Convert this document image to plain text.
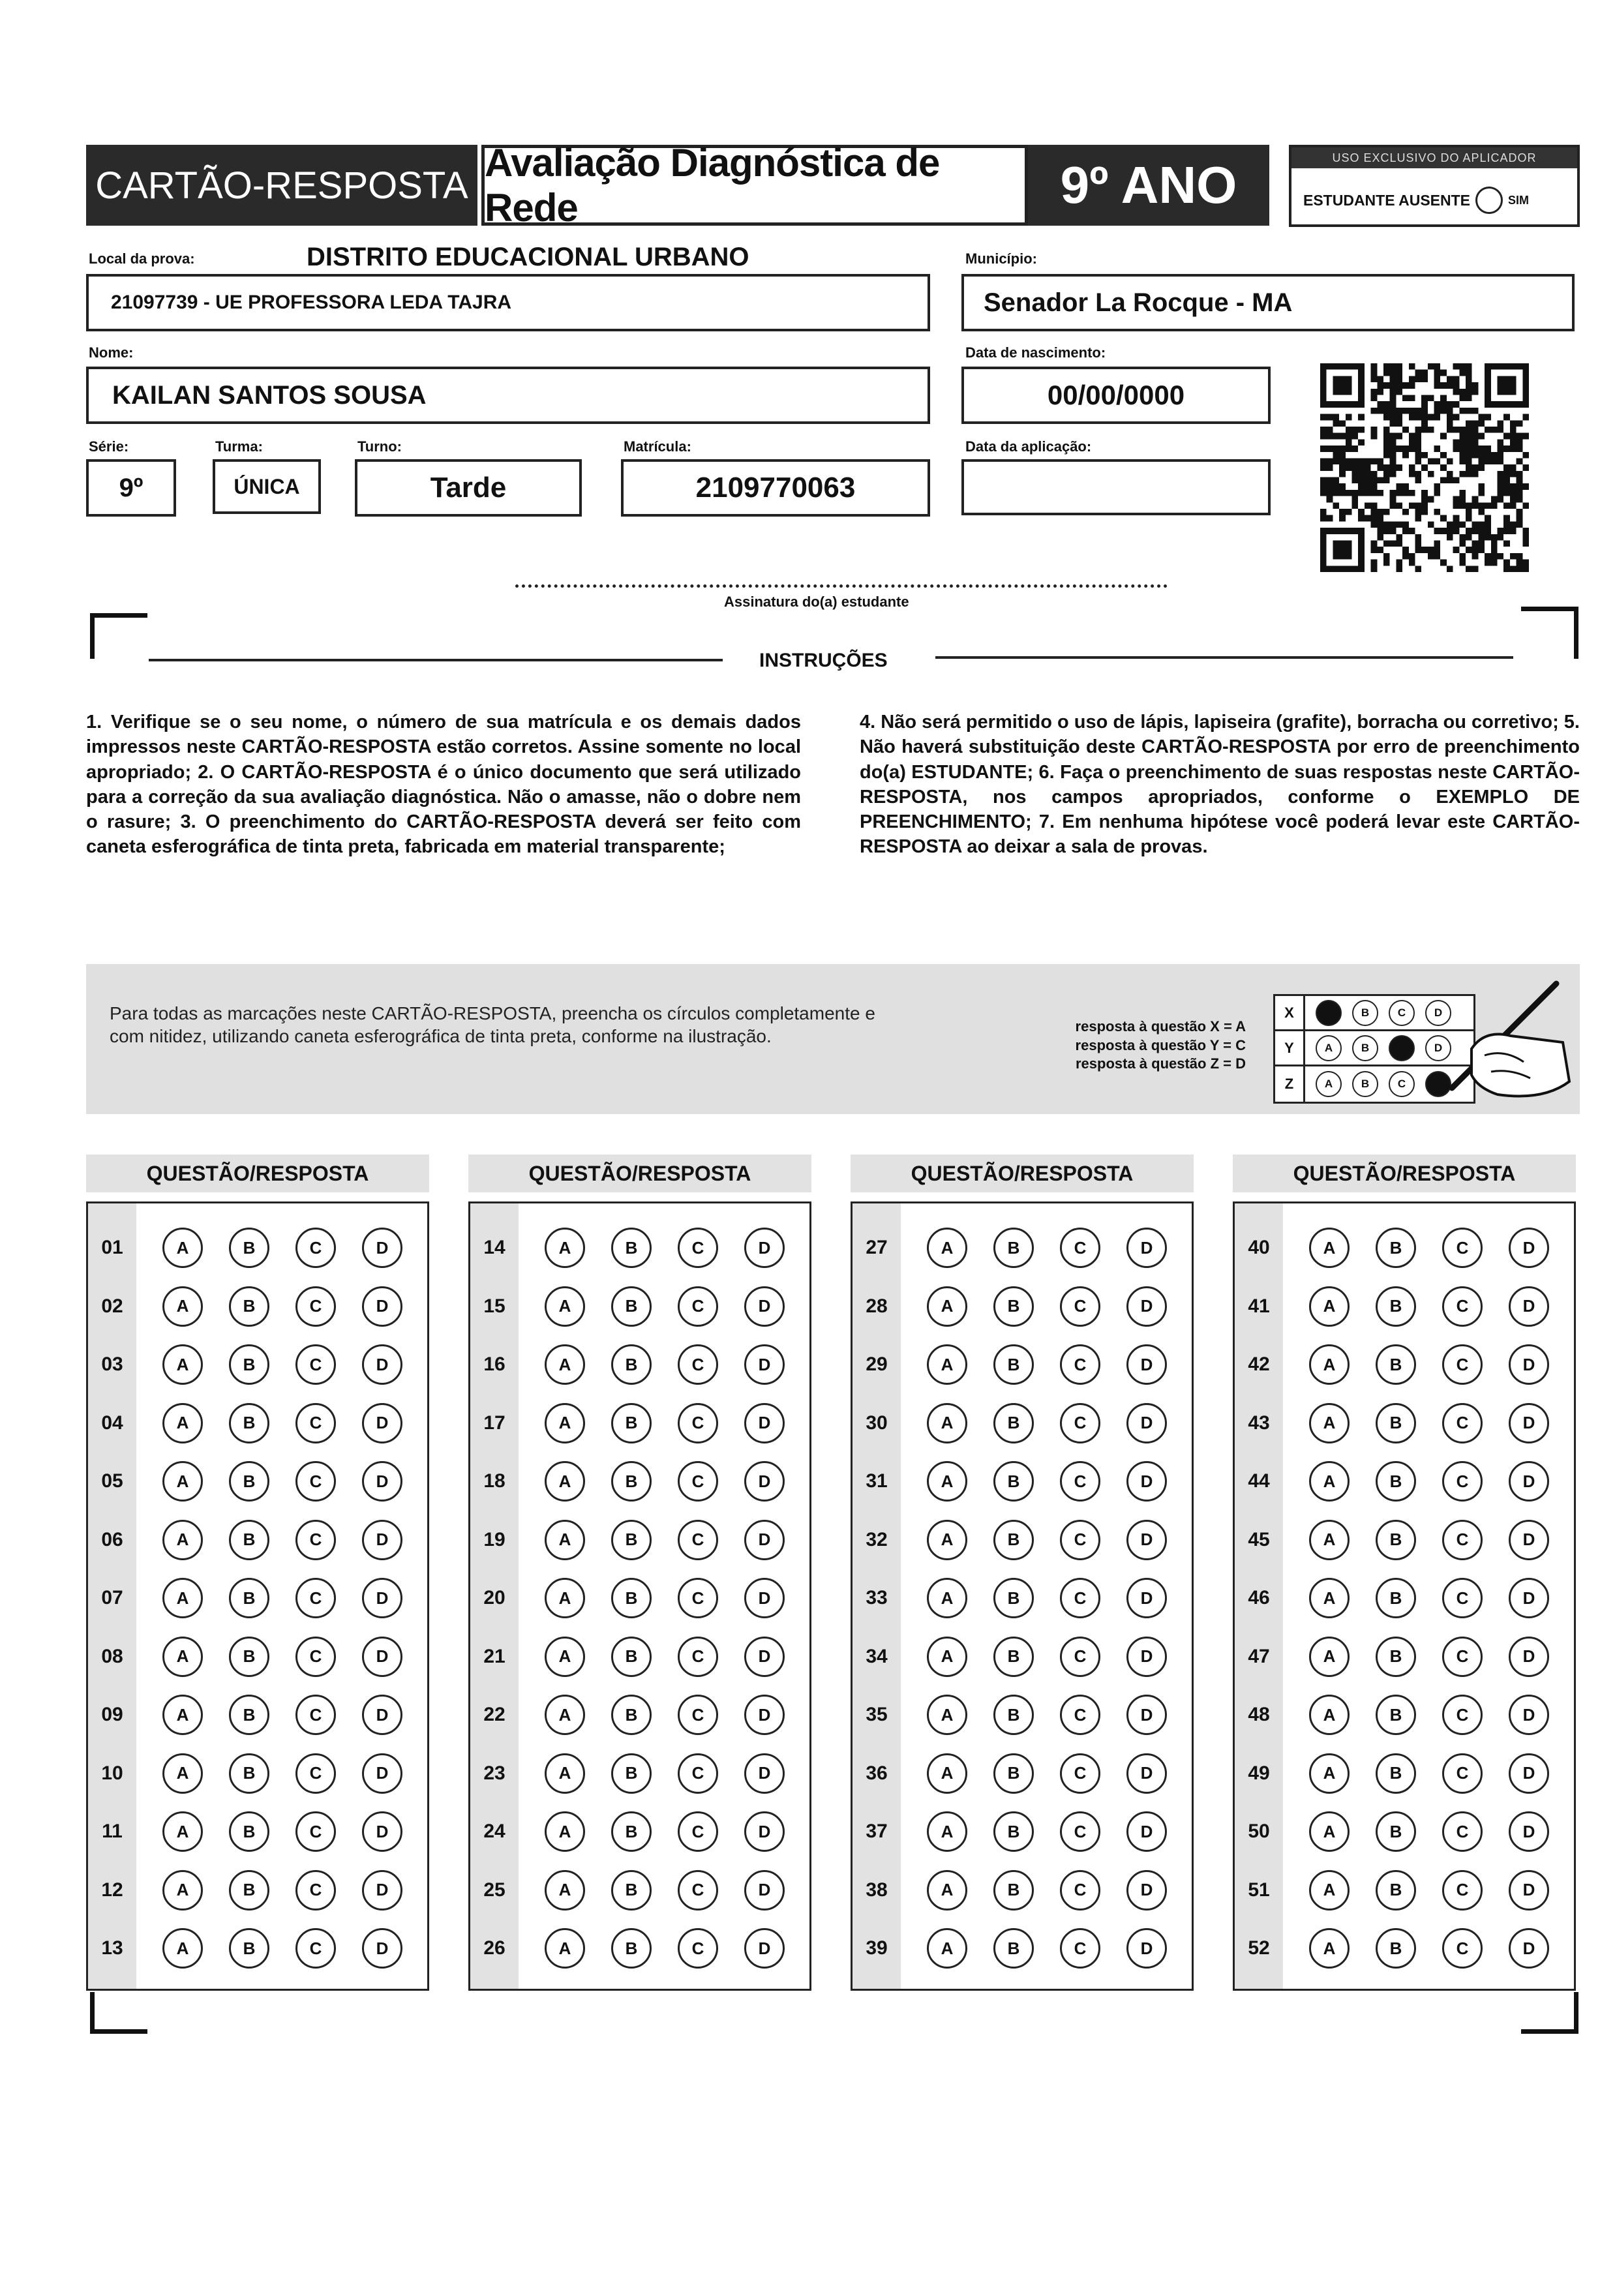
CARTÃO-RESPOSTA
Avaliação Diagnóstica de Rede	9º ANO	USO EXCLUSIVO DO APLICADOR
ESTUDANTE AUSENTE	SIM
Local da prova:	DISTRITO EDUCACIONAL URBANO
21097739 - UE PROFESSORA LEDA TAJRA
Município:
Senador La Rocque - MA
Nome:
KAILAN SANTOS SOUSA
Data de nascimento:
00/00/0000
Série:
9º
Turma:
ÚNICA
Turno:
Tarde
Matrícula:
2109770063
Data da aplicação:
Assinatura do(a) estudante
INSTRUÇÕES
1. Verifique se o seu nome, o número de sua matrícula e os demais dados impressos neste CARTÃO-RESPOSTA estão corretos. Assine somente no local apropriado; 2. O CARTÃO-RESPOSTA é o único documento que será utilizado para a correção da sua avaliação diagnóstica. Não o amasse, não o dobre nem o rasure; 3. O preenchimento do CARTÃO-RESPOSTA deverá ser feito com caneta esferográfica de tinta preta, fabricada em material transparente;
4. Não será permitido o uso de lápis, lapiseira (grafite), borracha ou corretivo; 5. Não haverá substituição deste CARTÃO-RESPOSTA por erro de preenchimento do(a) ESTUDANTE; 6. Faça o preenchimento de suas respostas neste CARTÃO-RESPOSTA, nos campos apropriados, conforme o EXEMPLO DE PREENCHIMENTO; 7. Em nenhuma hipótese você poderá levar este CARTÃO-RESPOSTA ao deixar a sala de provas.
Para todas as marcações neste CARTÃO-RESPOSTA, preencha os círculos completamente e com nitidez, utilizando caneta esferográfica de tinta preta, conforme na ilustração.	resposta à questão X = A
resposta à questão Y = C
resposta à questão Z = D
X	A	B	C	D
Y	A	B	C	D
Z	A	B	C	D
QUESTÃO/RESPOSTA
01	A	B	C	D
02	A	B	C	D
03	A	B	C	D
04	A	B	C	D
05	A	B	C	D
06	A	B	C	D
07	A	B	C	D
08	A	B	C	D
09	A	B	C	D
10	A	B	C	D
11	A	B	C	D
12	A	B	C	D
13	A	B	C	D
QUESTÃO/RESPOSTA
14	A	B	C	D
15	A	B	C	D
16	A	B	C	D
17	A	B	C	D
18	A	B	C	D
19	A	B	C	D
20	A	B	C	D
21	A	B	C	D
22	A	B	C	D
23	A	B	C	D
24	A	B	C	D
25	A	B	C	D
26	A	B	C	D
QUESTÃO/RESPOSTA
27	A	B	C	D
28	A	B	C	D
29	A	B	C	D
30	A	B	C	D
31	A	B	C	D
32	A	B	C	D
33	A	B	C	D
34	A	B	C	D
35	A	B	C	D
36	A	B	C	D
37	A	B	C	D
38	A	B	C	D
39	A	B	C	D
QUESTÃO/RESPOSTA
40	A	B	C	D
41	A	B	C	D
42	A	B	C	D
43	A	B	C	D
44	A	B	C	D
45	A	B	C	D
46	A	B	C	D
47	A	B	C	D
48	A	B	C	D
49	A	B	C	D
50	A	B	C	D
51	A	B	C	D
52	A	B	C	D
